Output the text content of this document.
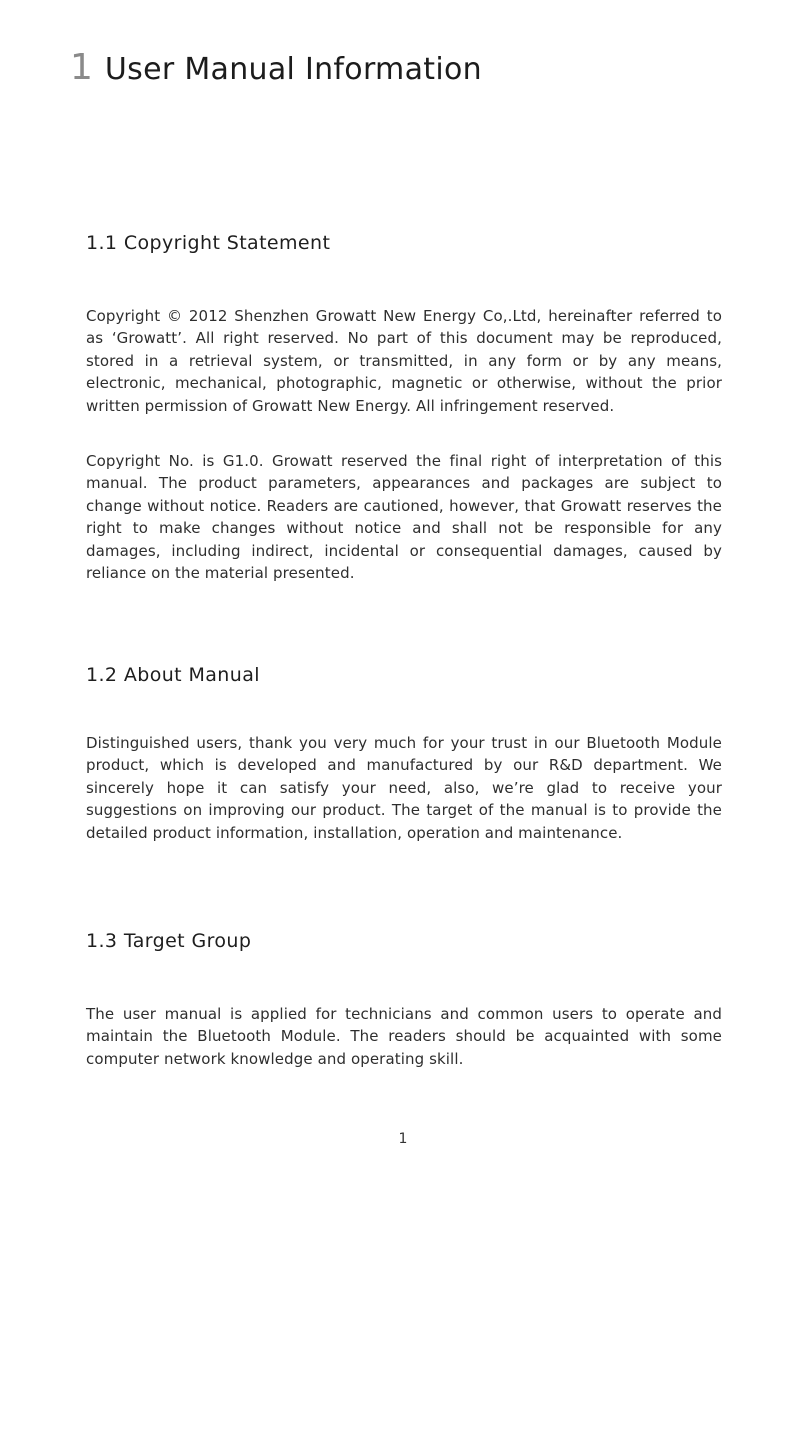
1 User Manual Information
1.1 Copyright Statement

Copyright © 2012 Shenzhen Growatt New Energy Co,.Ltd, hereinafter referred to as ‘Growatt’. All right reserved. No part of this document may be reproduced, stored in a retrieval system, or transmitted, in any form or by any means, electronic, mechanical, photographic, magnetic or otherwise, without the prior written permission of Growatt New Energy. All infringement reserved.

Copyright No. is G1.0. Growatt reserved the final right of interpretation of this manual. The product parameters, appearances and packages are subject to change without notice. Readers are cautioned, however, that Growatt reserves the right to make changes without notice and shall not be responsible for any damages, including indirect, incidental or consequential damages, caused by reliance on the material presented.

1.2 About Manual

Distinguished users, thank you very much for your trust in our Bluetooth Module product, which is developed and manufactured by our R&D department. We sincerely hope it can satisfy your need, also, we’re glad to receive your suggestions on improving our product. The target of the manual is to provide the detailed product information, installation, operation and maintenance.

1.3 Target Group

The user manual is applied for technicians and common users to operate and maintain the Bluetooth Module. The readers should be acquainted with some computer network knowledge and operating skill.

1
